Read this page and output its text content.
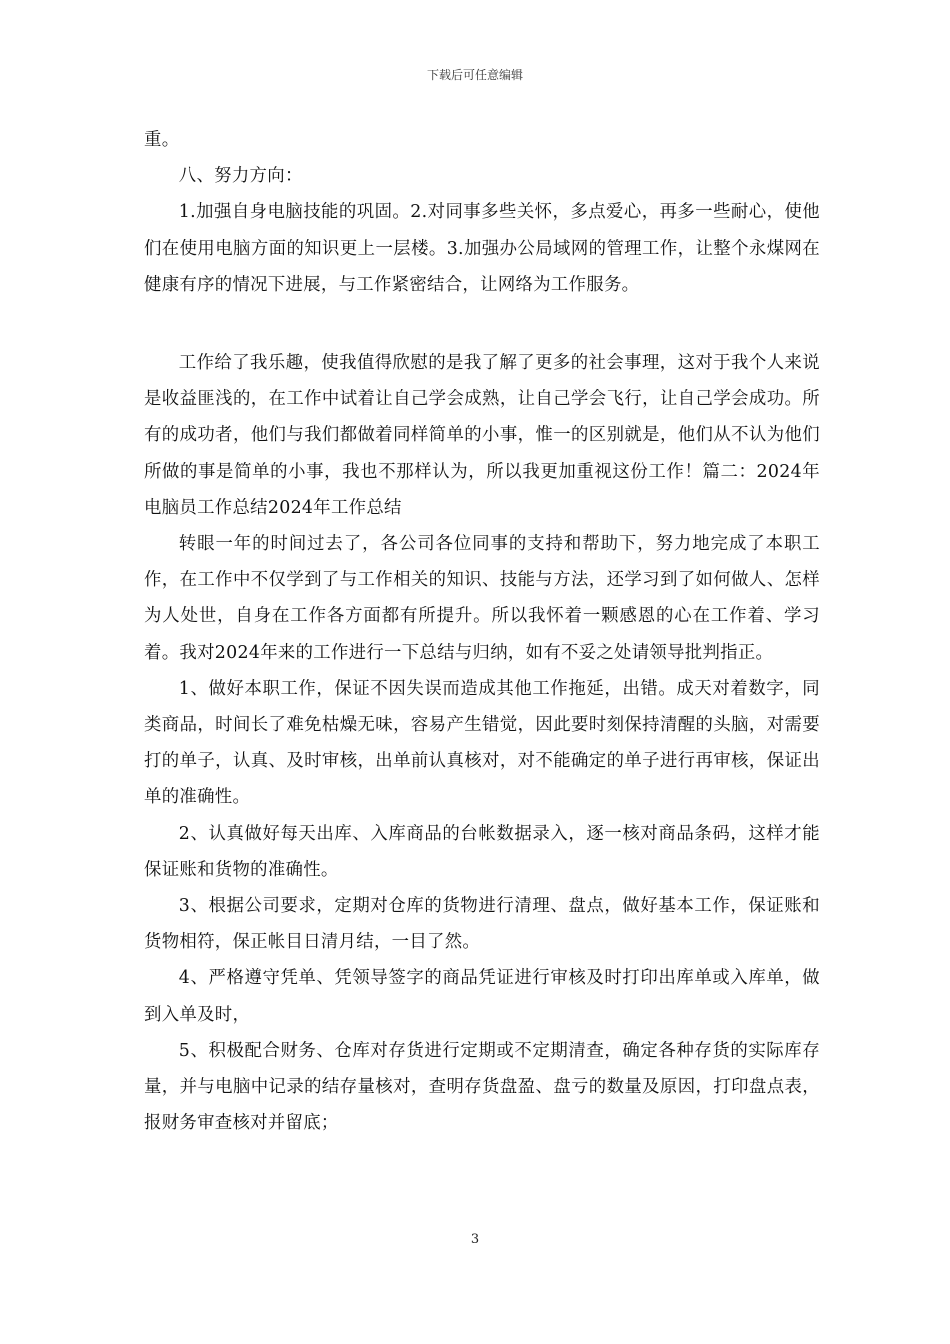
下载后可任意编辑

重。

八、努力方向：

1.加强自身电脑技能的巩固。2.对同事多些关怀，多点爱心，再多一些耐心，使他们在使用电脑方面的知识更上一层楼。3.加强办公局域网的管理工作，让整个永煤网在健康有序的情况下进展，与工作紧密结合，让网络为工作服务。

工作给了我乐趣，使我值得欣慰的是我了解了更多的社会事理，这对于我个人来说是收益匪浅的，在工作中试着让自己学会成熟，让自己学会飞行，让自己学会成功。所有的成功者，他们与我们都做着同样简单的小事，惟一的区别就是，他们从不认为他们所做的事是简单的小事，我也不那样认为，所以我更加重视这份工作！篇二：2024年电脑员工作总结2024年工作总结

转眼一年的时间过去了，各公司各位同事的支持和帮助下，努力地完成了本职工作，在工作中不仅学到了与工作相关的知识、技能与方法，还学习到了如何做人、怎样为人处世，自身在工作各方面都有所提升。所以我怀着一颗感恩的心在工作着、学习着。我对2024年来的工作进行一下总结与归纳，如有不妥之处请领导批判指正。

1、做好本职工作，保证不因失误而造成其他工作拖延，出错。成天对着数字，同类商品，时间长了难免枯燥无味，容易产生错觉，因此要时刻保持清醒的头脑，对需要打的单子，认真、及时审核，出单前认真核对，对不能确定的单子进行再审核，保证出单的准确性。

2、认真做好每天出库、入库商品的台帐数据录入，逐一核对商品条码，这样才能保证账和货物的准确性。

3、根据公司要求，定期对仓库的货物进行清理、盘点，做好基本工作，保证账和货物相符，保正帐目日清月结，一目了然。

4、严格遵守凭单、凭领导签字的商品凭证进行审核及时打印出库单或入库单，做到入单及时，

5、积极配合财务、仓库对存货进行定期或不定期清查，确定各种存货的实际库存量，并与电脑中记录的结存量核对，查明存货盘盈、盘亏的数量及原因，打印盘点表，报财务审查核对并留底；

3
